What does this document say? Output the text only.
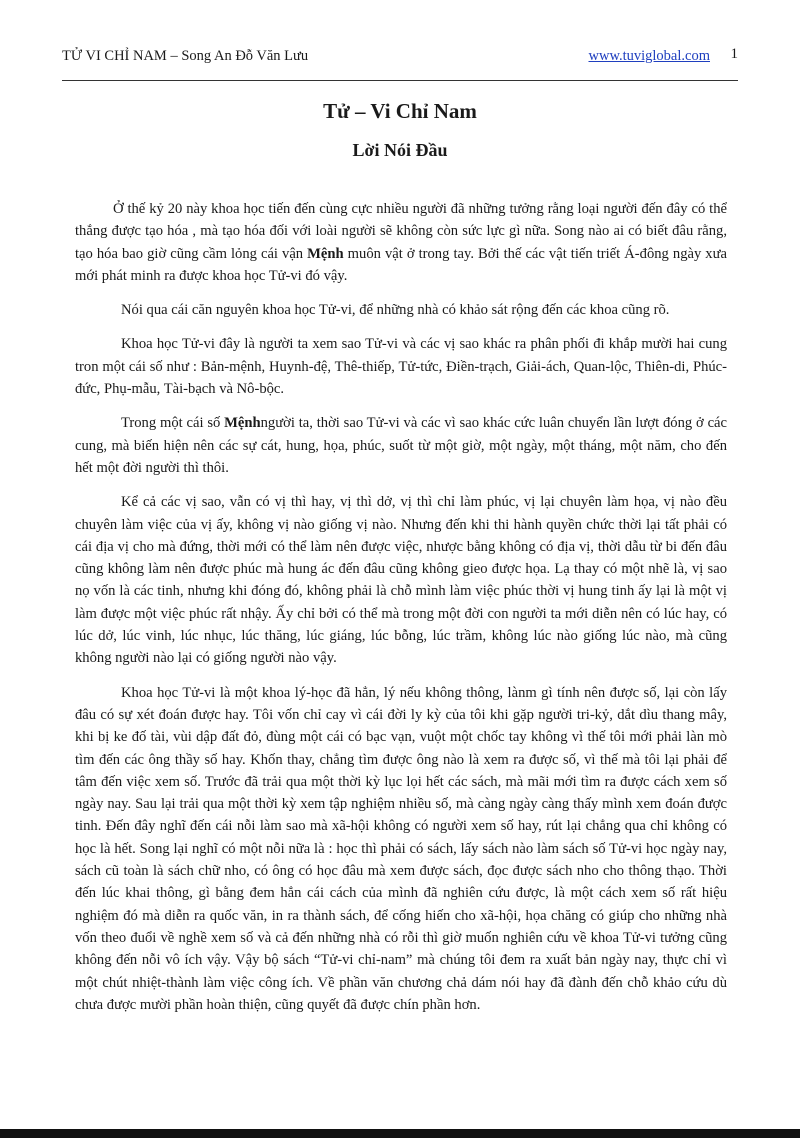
TỬ VI CHỈ NAM – Song An Đỗ Văn Lưu	www.tuviglobal.com 1
Tử – Vi Chỉ Nam
Lời Nói Đầu

Ở thế kỷ 20 này khoa học tiến đến cùng cực nhiều người đã những tưởng rằng loại người đến đây có thể thắng được tạo hóa , mà tạo hóa đối với loài người sẽ không còn sức lực gì nữa. Song nào ai có biết đâu rằng, tạo hóa bao giờ cũng cầm lỏng cái vận Mệnh muôn vật ở trong tay. Bởi thế các vật tiến triết Á-đông ngày xưa mới phát minh ra được khoa học Tử-vi đó vậy.

Nói qua cái căn nguyên khoa học Tử-vi, để những nhà có khảo sát rộng đến các khoa cũng rõ.

Khoa học Tử-vi đây là người ta xem sao Tử-vi và các vị sao khác ra phân phối đi khắp mười hai cung tron một cái số như : Bản-mệnh, Huynh-đệ, Thê-thiếp, Tử-tức, Điền-trạch, Giải-ách, Quan-lộc, Thiên-di, Phúc-đức, Phụ-mẫu, Tài-bạch và Nô-bộc.

Trong một cái số Mệnhngười ta, thời sao Tử-vi và các vì sao khác cức luân chuyển lần lượt đóng ở các cung, mà biến hiện nên các sự cát, hung, họa, phúc, suốt từ một giờ, một ngày, một tháng, một năm, cho đến hết một đời người thì thôi.

Kể cả các vị sao, vẫn có vị thì hay, vị thì dở, vị thì chỉ làm phúc, vị lại chuyên làm họa, vị nào đều chuyên làm việc của vị ấy, không vị nào giống vị nào. Nhưng đến khi thi hành quyền chức thời lại tất phải có cái địa vị cho mà đứng, thời mới có thể làm nên được việc, nhược bằng không có địa vị, thời dẫu từ bi đến đâu cũng không làm nên được phúc mà hung ác đến đâu cũng không gieo được họa. Lạ thay có một nhẽ là, vị sao nọ vốn là các tinh, nhưng khi đóng đó, không phải là chỗ mình làm việc phúc thời vị hung tinh ấy lại là một vị làm được một việc phúc rất nhậy. Ấy chỉ bởi có thể mà trong một đời con người ta mới diễn nên có lúc hay, có lúc dở, lúc vinh, lúc nhục, lúc thăng, lúc giáng, lúc bỗng, lúc trầm, không lúc nào giống lúc nào, mà cũng không người nào lại có giống người nào vậy.

Khoa học Tử-vi là một khoa lý-học đã hẳn, lý nếu không thông, lànm gì tính nên được số, lại còn lấy đâu có sự xét đoán được hay. Tôi vốn chỉ cay vì cái đời ly kỳ của tôi khi gặp người tri-kỷ, dắt dìu thang mây, khi bị ke đố tài, vùi dập đất đỏ, đùng một cái có bạc vạn, vuột một chốc tay không vì thế tôi mới phải làn mò tìm đến các ông thầy số hay. Khốn thay, chẳng tìm được ông nào là xem ra được số, vì thế mà tôi lại phải để tâm đến việc xem số. Trước đã trải qua một thời kỳ lục lọi hết các sách, mà mãi mới tìm ra được cách xem số ngày nay. Sau lại trải qua một thời kỳ xem tập nghiệm nhiều số, mà càng ngày càng thấy mình xem đoán được tinh. Đến đây nghĩ đến cái nỗi làm sao mà xã-hội không có người xem số hay, rút lại chẳng qua chỉ không có học là hết. Song lại nghĩ có một nỗi nữa là : học thì phải có sách, lấy sách nào làm sách số Tử-vi học ngày nay, sách cũ toàn là sách chữ nho, có ông có học đâu mà xem được sách, đọc được sách nho cho thông thạo. Thời đến lúc khai thông, gì bằng đem hẳn cái cách của mình đã nghiên cứu được, là một cách xem số rất hiệu nghiệm đó mà diễn ra quốc văn, in ra thành sách, để cống hiến cho xã-hội, họa chăng có giúp cho những nhà vốn theo đuổi về nghề xem số và cả đến những nhà có rỗi thì giờ muốn nghiên cứu về khoa Tử-vi tưởng cũng không đến nỗi vô ích vậy. Vậy bộ sách “Tử-vi chỉ-nam” mà chúng tôi đem ra xuất bản ngày nay, thực chỉ vì một chút nhiệt-thành làm việc công ích. Về phần văn chương chả dám nói hay đã đành đến chỗ khảo cứu dù chưa được mười phần hoàn thiện, cũng quyết đã được chín phần hơn.
